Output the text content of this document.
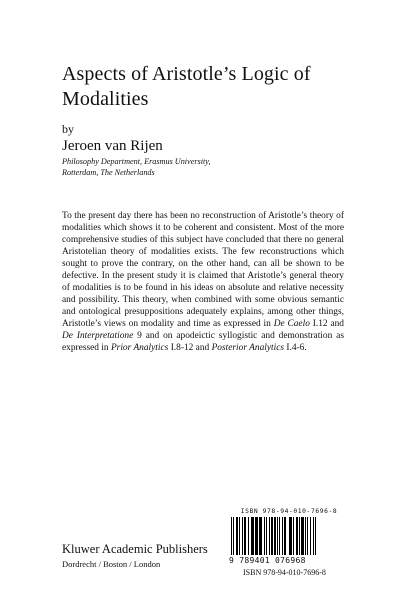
Aspects of Aristotle’s Logic of Modalities
by
Jeroen van Rijen
Philosophy Department, Erasmus University,
Rotterdam, The Netherlands
To the present day there has been no reconstruction of Aristotle’s theory of modalities which shows it to be coherent and consistent. Most of the more comprehensive studies of this subject have concluded that there no general Aristotelian theory of modalities exists. The few reconstructions which sought to prove the contrary, on the other hand, can all be shown to be defective. In the present study it is claimed that Aristotle’s general theory of modalities is to be found in his ideas on absolute and relative necessity and possibility. This theory, when combined with some obvious semantic and ontological presuppositions adequately explains, among other things, Aristotle’s views on modality and time as expressed in De Caelo I.12 and De Interpretatione 9 and on apodeictic syllogistic and demonstration as expressed in Prior Analytics I.8-12 and Posterior Analytics I.4-6.
ISBN 978-94-010-7696-8
9 789401 076968
ISBN 978-94-010-7696-8
Kluwer Academic Publishers
Dordrecht / Boston / London
